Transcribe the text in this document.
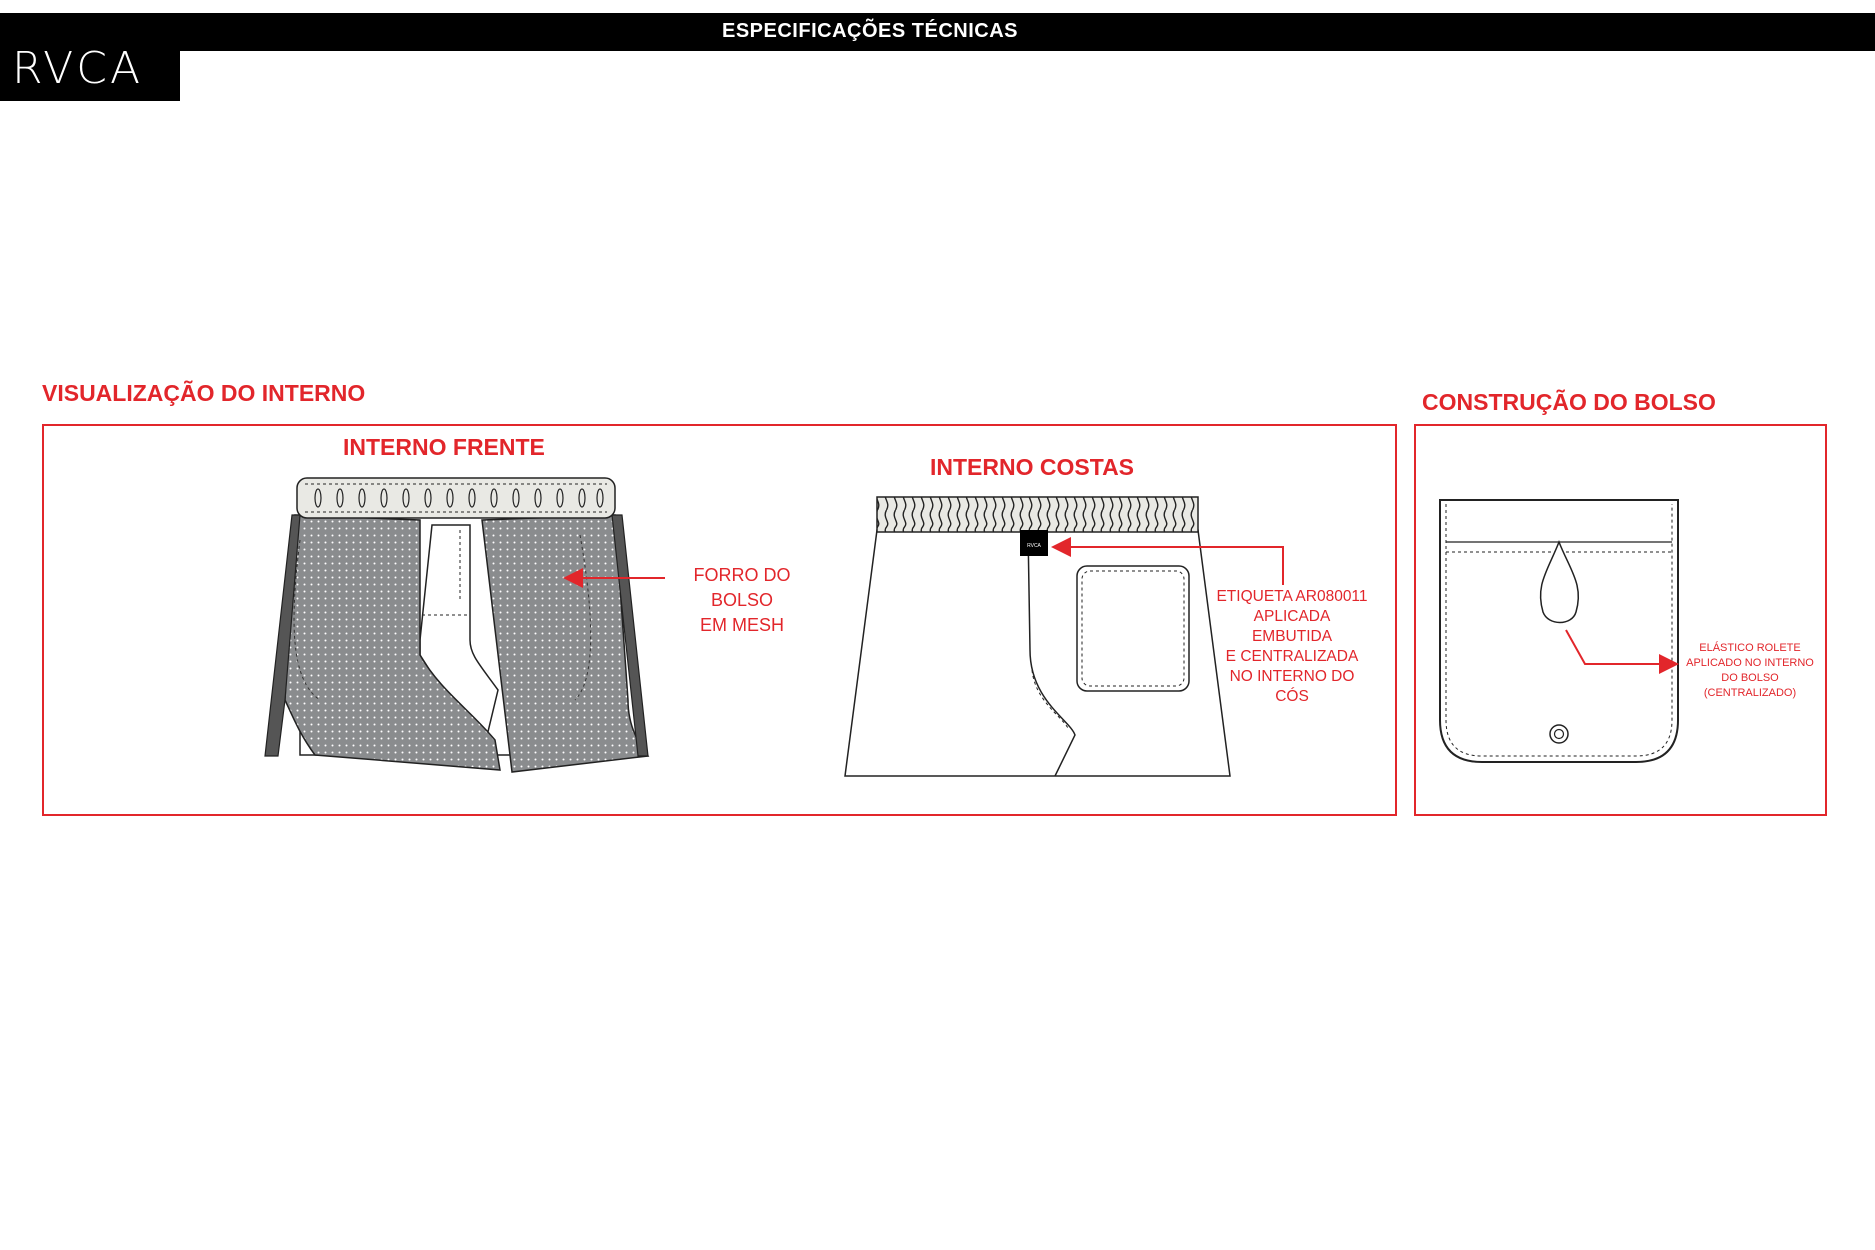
ESPECIFICAÇÕES TÉCNICAS
RVCA
VISUALIZAÇÃO DO INTERNO	CONSTRUÇÃO DO BOLSO
INTERNO FRENTE
INTERNO COSTAS
RVCA
FORRO DO BOLSO
EM MESH
ETIQUETA AR080011
APLICADA EMBUTIDA
E CENTRALIZADA
NO INTERNO DO CÓS
ELÁSTICO ROLETE
APLICADO NO INTERNO
DO BOLSO (CENTRALIZADO)
